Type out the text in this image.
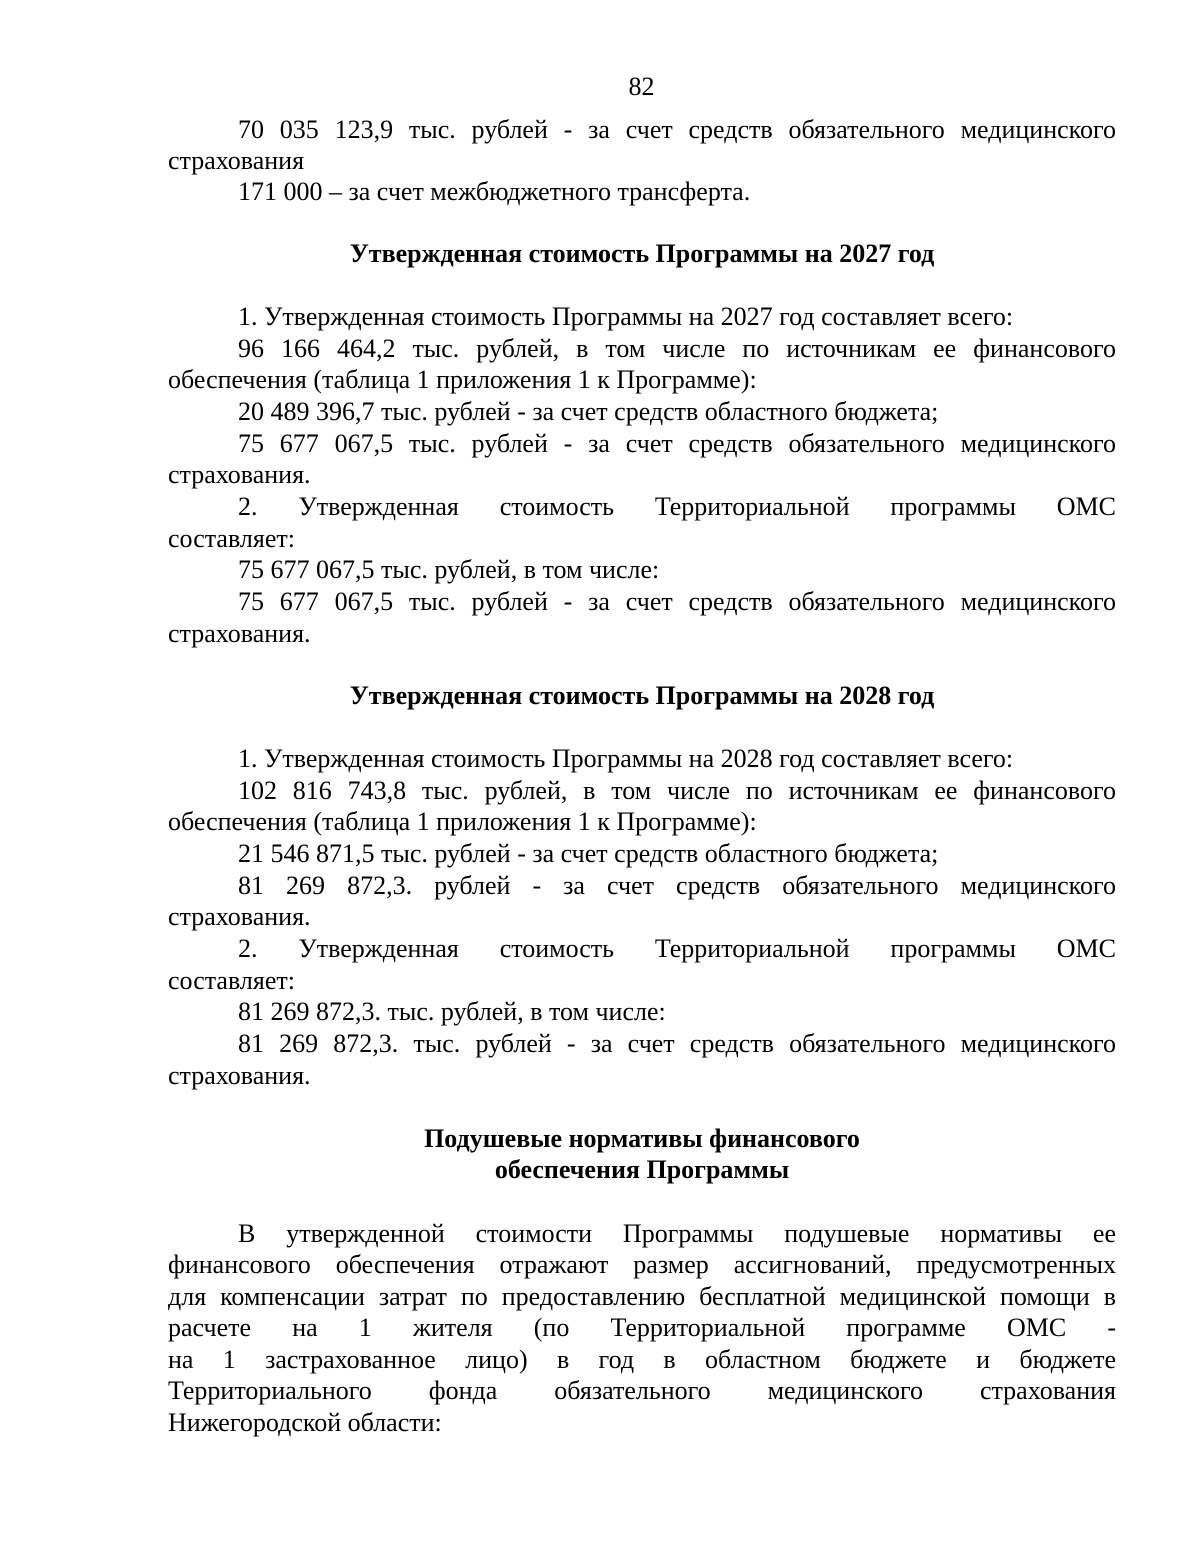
82
70 035 123,9 тыс. рублей - за счет средств обязательного медицинского
страхования
171 000 – за счет межбюджетного трансферта.
Утвержденная стоимость Программы на 2027 год
1. Утвержденная стоимость Программы на 2027 год составляет всего:
96 166 464,2 тыс. рублей, в том числе по источникам ее финансового
обеспечения (таблица 1 приложения 1 к Программе):
20 489 396,7 тыс. рублей - за счет средств областного бюджета;
75 677 067,5 тыс. рублей - за счет средств обязательного медицинского
страхования.
2. Утвержденная стоимость Территориальной программы ОМС
составляет:
75 677 067,5 тыс. рублей, в том числе:
75 677 067,5 тыс. рублей - за счет средств обязательного медицинского
страхования.
Утвержденная стоимость Программы на 2028 год
1. Утвержденная стоимость Программы на 2028 год составляет всего:
102 816 743,8 тыс. рублей, в том числе по источникам ее финансового
обеспечения (таблица 1 приложения 1 к Программе):
21 546 871,5 тыс. рублей - за счет средств областного бюджета;
81 269 872,3. рублей - за счет средств обязательного медицинского
страхования.
2. Утвержденная стоимость Территориальной программы ОМС
составляет:
81 269 872,3. тыс. рублей, в том числе:
81 269 872,3. тыс. рублей - за счет средств обязательного медицинского
страхования.
Подушевые нормативы финансового
обеспечения Программы
В утвержденной стоимости Программы подушевые нормативы ее
финансового обеспечения отражают размер ассигнований, предусмотренных
для компенсации затрат по предоставлению бесплатной медицинской помощи в
расчете на 1 жителя (по Территориальной программе ОМС -
на 1 застрахованное лицо) в год в областном бюджете и бюджете
Территориального фонда обязательного медицинского страхования
Нижегородской области:
